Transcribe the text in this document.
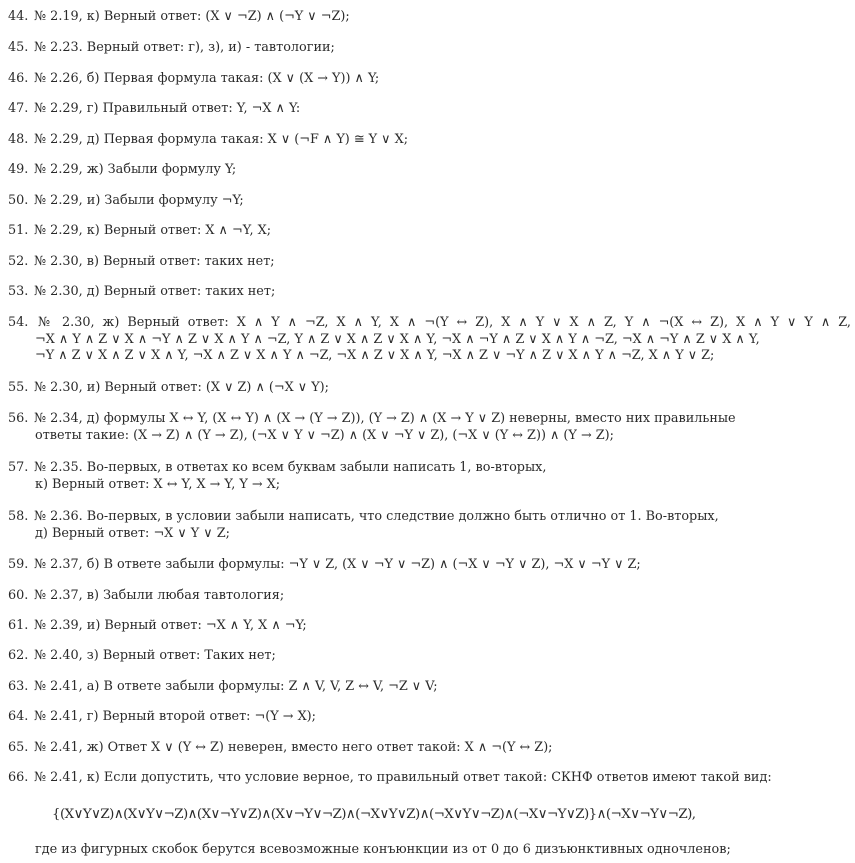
44. № 2.19, к) Верный ответ: (X ∨ ¬Z) ∧ (¬Y ∨ ¬Z);
45. № 2.23. Верный ответ: г), з), и) - тавтологии;
46. № 2.26, б) Первая формула такая: (X ∨ (X → Y)) ∧ Y;
47. № 2.29, г) Правильный ответ: Y, ¬X ∧ Y:
48. № 2.29, д) Первая формула такая: X ∨ (¬F ∧ Y) ≅ Y ∨ X;
49. № 2.29, ж) Забыли формулу Y;
50. № 2.29, и) Забыли формулу ¬Y;
51. № 2.29, к) Верный ответ: X ∧ ¬Y, X;
52. № 2.30, в) Верный ответ: таких нет;
53. № 2.30, д) Верный ответ: таких нет;
54. № 2.30, ж) Верный ответ: X ∧ Y ∧ ¬Z, X ∧ Y, X ∧ ¬(Y ↔ Z), X ∧ Y ∨ X ∧ Z, Y ∧ ¬(X ↔ Z), X ∧ Y ∨ Y ∧ Z,
¬X ∧ Y ∧ Z ∨ X ∧ ¬Y ∧ Z ∨ X ∧ Y ∧ ¬Z, Y ∧ Z ∨ X ∧ Z ∨ X ∧ Y, ¬X ∧ ¬Y ∧ Z ∨ X ∧ Y ∧ ¬Z, ¬X ∧ ¬Y ∧ Z ∨ X ∧ Y,
¬Y ∧ Z ∨ X ∧ Z ∨ X ∧ Y, ¬X ∧ Z ∨ X ∧ Y ∧ ¬Z, ¬X ∧ Z ∨ X ∧ Y, ¬X ∧ Z ∨ ¬Y ∧ Z ∨ X ∧ Y ∧ ¬Z, X ∧ Y ∨ Z;
55. № 2.30, и) Верный ответ: (X ∨ Z) ∧ (¬X ∨ Y);
56. № 2.34, д) формулы X ↔ Y, (X ↔ Y) ∧ (X → (Y → Z)), (Y → Z) ∧ (X → Y ∨ Z) неверны, вместо них правильные
ответы такие: (X → Z) ∧ (Y → Z), (¬X ∨ Y ∨ ¬Z) ∧ (X ∨ ¬Y ∨ Z), (¬X ∨ (Y ↔ Z)) ∧ (Y → Z);
57. № 2.35. Во-первых, в ответах ко всем буквам забыли написать 1, во-вторых,
к) Верный ответ: X ↔ Y, X → Y, Y → X;
58. № 2.36. Во-первых, в условии забыли написать, что следствие должно быть отлично от 1. Во-вторых,
д) Верный ответ: ¬X ∨ Y ∨ Z;
59. № 2.37, б) В ответе забыли формулы: ¬Y ∨ Z, (X ∨ ¬Y ∨ ¬Z) ∧ (¬X ∨ ¬Y ∨ Z), ¬X ∨ ¬Y ∨ Z;
60. № 2.37, в) Забыли любая тавтология;
61. № 2.39, и) Верный ответ: ¬X ∧ Y, X ∧ ¬Y;
62. № 2.40, з) Верный ответ: Таких нет;
63. № 2.41, а) В ответе забыли формулы: Z ∧ V, V, Z ↔ V, ¬Z ∨ V;
64. № 2.41, г) Верный второй ответ: ¬(Y → X);
65. № 2.41, ж) Ответ X ∨ (Y ↔ Z) неверен, вместо него ответ такой: X ∧ ¬(Y ↔ Z);
66. № 2.41, к) Если допустить, что условие верное, то правильный ответ такой: СКНФ ответов имеют такой вид:
{(X∨Y∨Z)∧(X∨Y∨¬Z)∧(X∨¬Y∨Z)∧(X∨¬Y∨¬Z)∧(¬X∨Y∨Z)∧(¬X∨Y∨¬Z)∧(¬X∨¬Y∨Z)}∧(¬X∨¬Y∨¬Z),
где из фигурных скобок берутся всевозможные конъюнкции из от 0 до 6 дизъюнктивных одночленов;
